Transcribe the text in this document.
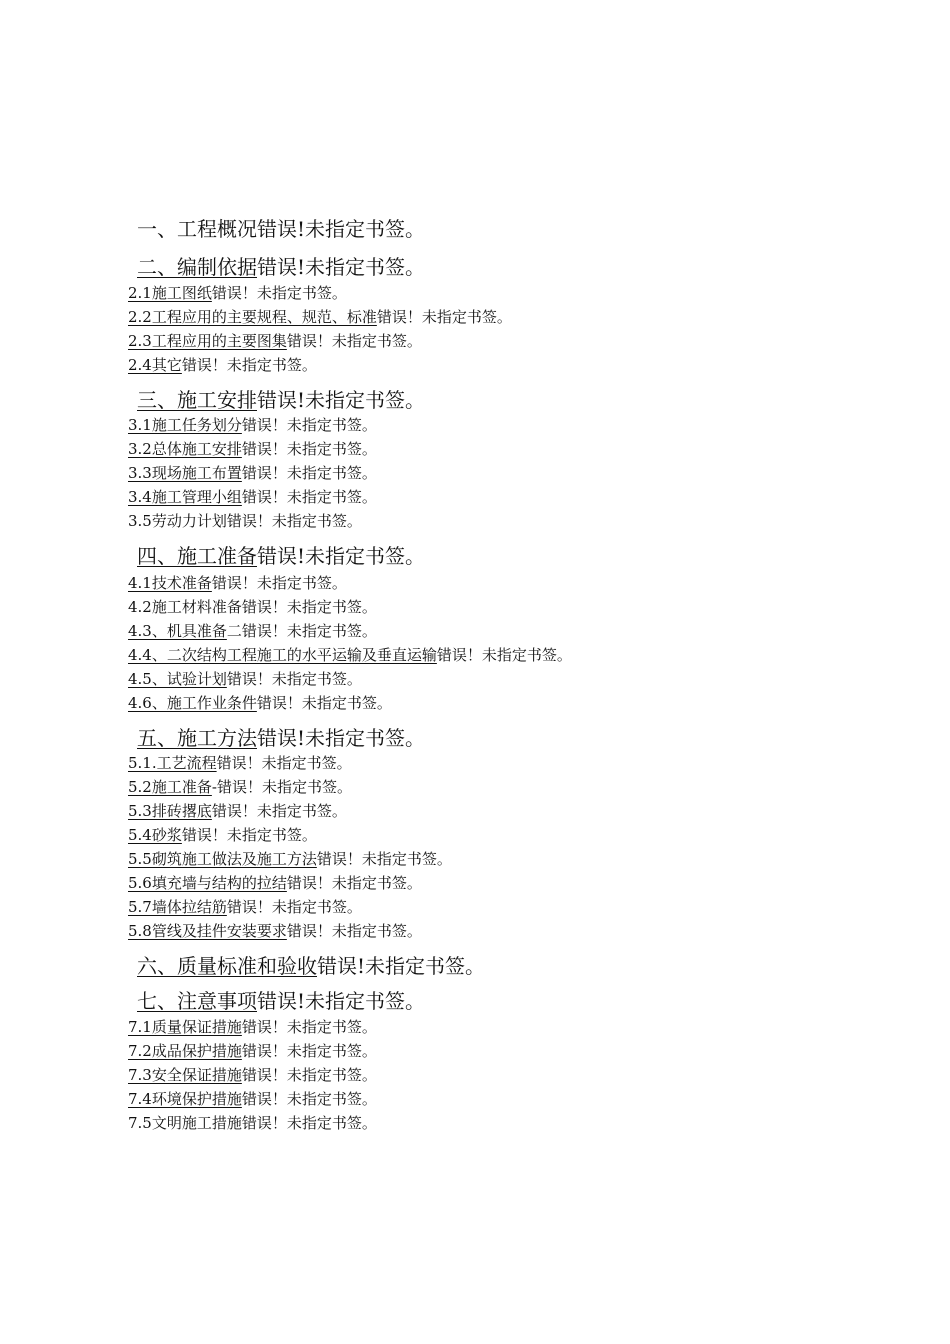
一、工程概况错误!未指定书签。
二、编制依据错误!未指定书签。
2.1施工图纸错误！未指定书签。
2.2工程应用的主要规程、规范、标准错误！未指定书签。
2.3工程应用的主要图集错误！未指定书签。
2.4其它错误！未指定书签。
三、施工安排错误!未指定书签。
3.1施工任务划分错误！未指定书签。
3.2总体施工安排错误！未指定书签。
3.3现场施工布置错误！未指定书签。
3.4施工管理小组错误！未指定书签。
3.5劳动力计划错误！未指定书签。
四、施工准备错误!未指定书签。
4.1技术准备错误！未指定书签。
4.2施工材料准备错误！未指定书签。
4.3、机具准备二错误！未指定书签。
4.4、二次结构工程施工的水平运输及垂直运输错误！未指定书签。
4.5、试验计划错误！未指定书签。
4.6、施工作业条件错误！未指定书签。
五、施工方法错误!未指定书签。
5.1.工艺流程错误！未指定书签。
5.2施工准备-错误！未指定书签。
5.3排砖撂底错误！未指定书签。
5.4砂浆错误！未指定书签。
5.5砌筑施工做法及施工方法错误！未指定书签。
5.6填充墙与结构的拉结错误！未指定书签。
5.7墙体拉结筋错误！未指定书签。
5.8管线及挂件安装要求错误！未指定书签。
六、质量标准和验收错误!未指定书签。
七、注意事项错误!未指定书签。
7.1质量保证措施错误！未指定书签。
7.2成品保护措施错误！未指定书签。
7.3安全保证措施错误！未指定书签。
7.4环境保护措施错误！未指定书签。
7.5文明施工措施错误！未指定书签。
